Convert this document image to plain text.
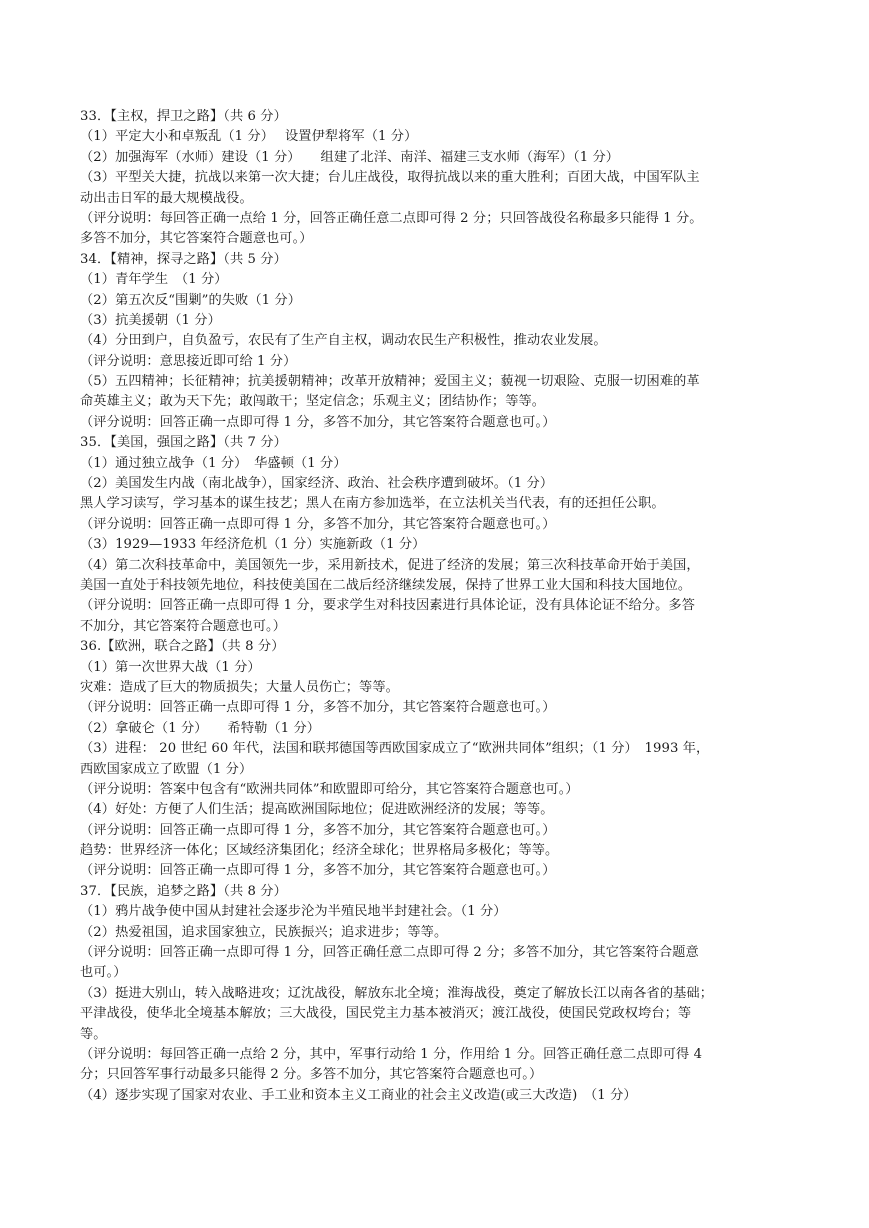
33．【主权，捍卫之路】（共 6 分）
（1）平定大小和卓叛乱（1 分）　 设置伊犁将军（1 分）
（2）加强海军（水师）建设（1 分）　　组建了北洋、南洋、福建三支水师（海军）（1 分）
（3）平型关大捷，抗战以来第一次大捷；台儿庄战役，取得抗战以来的重大胜利；百团大战，中国军队主
动出击日军的最大规模战役。
（评分说明：每回答正确一点给 1 分，回答正确任意二点即可得 2 分；只回答战役名称最多只能得 1 分。
多答不加分，其它答案符合题意也可。）
34．【精神，探寻之路】（共 5 分）
（1）青年学生　（1 分）
（2）第五次反“围剿”的失败（1 分）
（3）抗美援朝（1 分）
（4）分田到户，自负盈亏，农民有了生产自主权，调动农民生产积极性，推动农业发展。
（评分说明：意思接近即可给 1 分）
（5）五四精神；长征精神；抗美援朝精神；改革开放精神；爱国主义；藐视一切艰险、克服一切困难的革
命英雄主义；敢为天下先；敢闯敢干；坚定信念；乐观主义；团结协作；等等。
（评分说明：回答正确一点即可得 1 分，多答不加分，其它答案符合题意也可。）
35．【美国，强国之路】（共 7 分）
（1）通过独立战争（1 分）　华盛顿（1 分）
（2）美国发生内战（南北战争），国家经济、政治、社会秩序遭到破坏。（1 分）
黑人学习读写，学习基本的谋生技艺；黑人在南方参加选举，在立法机关当代表，有的还担任公职。
（评分说明：回答正确一点即可得 1 分，多答不加分，其它答案符合题意也可。）
（3）1929—1933 年经济危机（1 分）实施新政（1 分）
（4）第二次科技革命中，美国领先一步，采用新技术，促进了经济的发展；第三次科技革命开始于美国，
美国一直处于科技领先地位，科技使美国在二战后经济继续发展，保持了世界工业大国和科技大国地位。
（评分说明：回答正确一点即可得 1 分，要求学生对科技因素进行具体论证，没有具体论证不给分。多答
不加分，其它答案符合题意也可。）
36.【欧洲，联合之路】（共 8 分）
（1）第一次世界大战（1 分）
灾难：造成了巨大的物质损失；大量人员伤亡；等等。
（评分说明：回答正确一点即可得 1 分，多答不加分，其它答案符合题意也可。）
（2）拿破仑（1 分）　　希特勒（1 分）
（3）进程： 20 世纪 60 年代，法国和联邦德国等西欧国家成立了“欧洲共同体”组织；（1 分）　1993 年，
西欧国家成立了欧盟（1 分）
（评分说明：答案中包含有“欧洲共同体”和欧盟即可给分，其它答案符合题意也可。）
（4）好处：方便了人们生活；提高欧洲国际地位；促进欧洲经济的发展；等等。
（评分说明：回答正确一点即可得 1 分，多答不加分，其它答案符合题意也可。）
趋势：世界经济一体化；区域经济集团化；经济全球化；世界格局多极化；等等。
（评分说明：回答正确一点即可得 1 分，多答不加分，其它答案符合题意也可。）
37．【民族，追梦之路】（共 8 分）
（1）鸦片战争使中国从封建社会逐步沦为半殖民地半封建社会。（1 分）
（2）热爱祖国，追求国家独立，民族振兴；追求进步；等等。
（评分说明：回答正确一点即可得 1 分，回答正确任意二点即可得 2 分；多答不加分，其它答案符合题意
也可。）
（3）挺进大别山，转入战略进攻；辽沈战役，解放东北全境；淮海战役，奠定了解放长江以南各省的基础；
平津战役，使华北全境基本解放；三大战役，国民党主力基本被消灭；渡江战役，使国民党政权垮台；等
等。
（评分说明：每回答正确一点给 2 分，其中，军事行动给 1 分，作用给 1 分。回答正确任意二点即可得 4
分；只回答军事行动最多只能得 2 分。多答不加分，其它答案符合题意也可。）
（4）逐步实现了国家对农业、手工业和资本主义工商业的社会主义改造(或三大改造)　（1 分）
